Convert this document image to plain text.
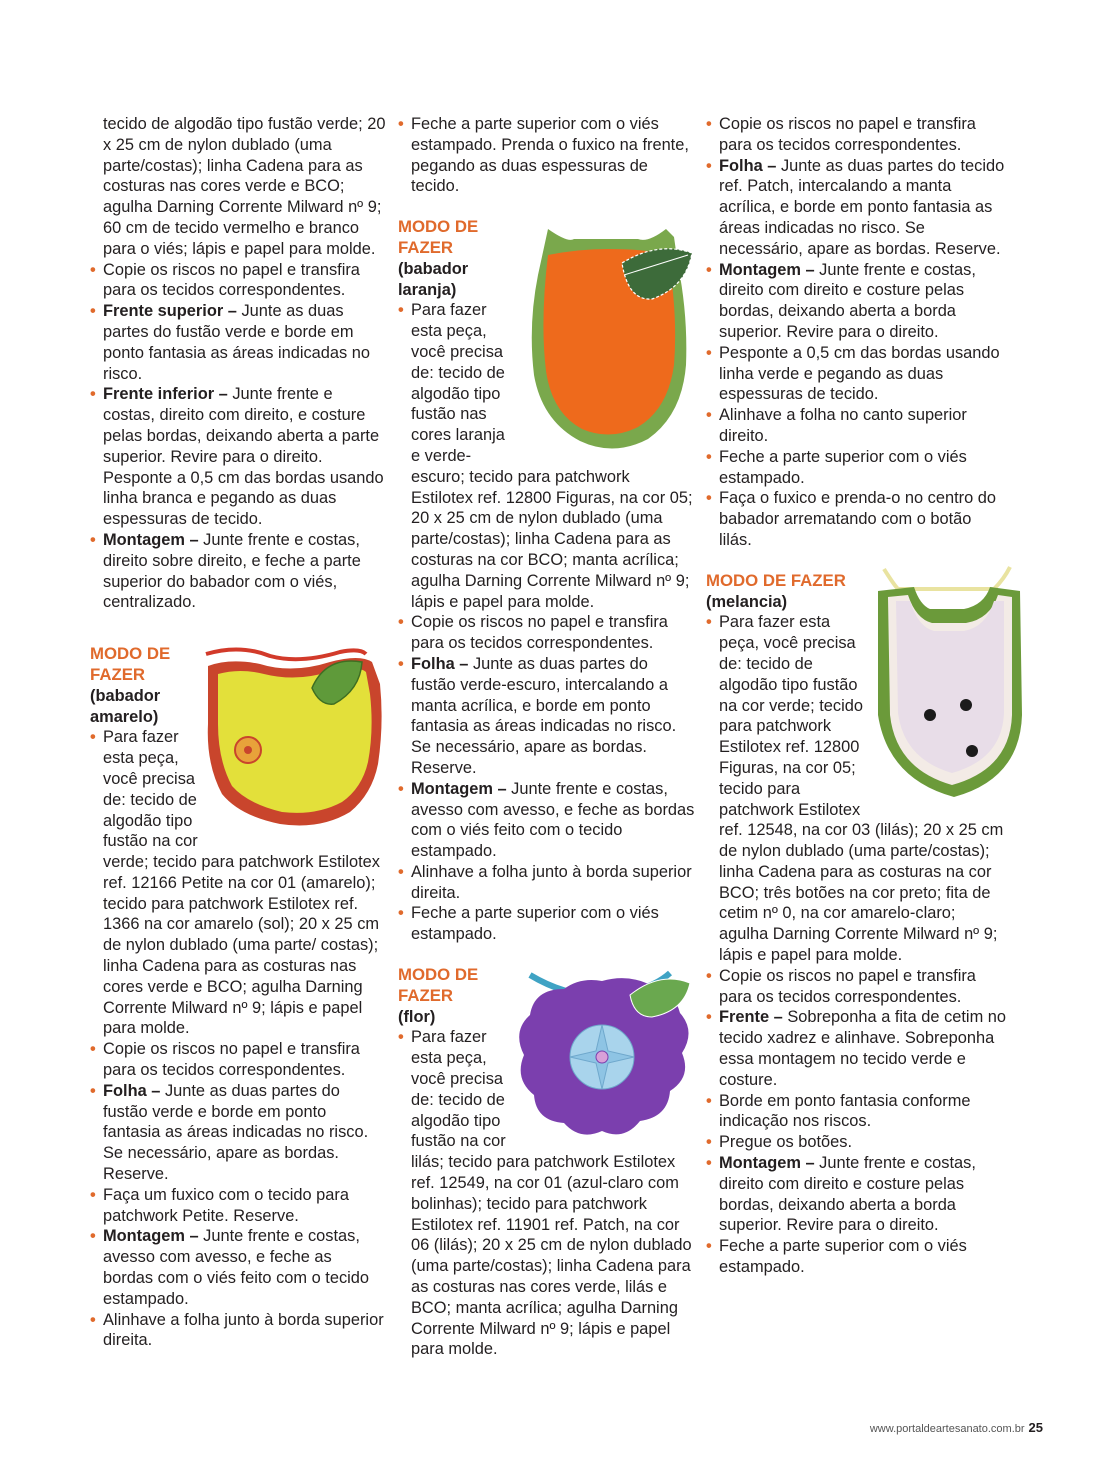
tecido de algodão tipo fustão verde; 20 x 25 cm de nylon dublado (uma parte/costas); linha Cadena para as costuras nas cores verde e BCO; agulha Darning Corrente Milward nº 9; 60 cm de tecido vermelho e branco para o viés; lápis e papel para molde.
• Copie os riscos no papel e transfira para os tecidos correspondentes.
• Frente superior – Junte as duas partes do fustão verde e borde em ponto fantasia as áreas indicadas no risco.
• Frente inferior – Junte frente e costas, direito com direito, e costure pelas bordas, deixando aberta a parte superior. Revire para o direito. Pesponte a 0,5 cm das bordas usando linha branca e pegando as duas espessuras de tecido.
• Montagem – Junte frente e costas, direito sobre direito, e feche a parte superior do babador com o viés, centralizado.
MODO DE FAZER
(babador amarelo)
• Para fazer esta peça, você precisa de: tecido de algodão tipo fustão na cor verde; tecido para patchwork Estilotex ref. 12166 Petite na cor 01 (amarelo); tecido para patchwork Estilotex ref. 1366 na cor amarelo (sol); 20 x 25 cm de nylon dublado (uma parte/ costas); linha Cadena para as costuras nas cores verde e BCO; agulha Darning Corrente Milward nº 9; lápis e papel para molde.
• Copie os riscos no papel e transfira para os tecidos correspondentes.
• Folha – Junte as duas partes do fustão verde e borde em ponto fantasia as áreas indicadas no risco. Se necessário, apare as bordas. Reserve.
• Faça um fuxico com o tecido para patchwork Petite. Reserve.
• Montagem – Junte frente e costas, avesso com avesso, e feche as bordas com o viés feito com o tecido estampado.
• Alinhave a folha junto à borda superior direita.
• Feche a parte superior com o viés estampado. Prenda o fuxico na frente, pegando as duas espessuras de tecido.
MODO DE FAZER
(babador laranja)
• Para fazer esta peça, você precisa de: tecido de algodão tipo fustão nas cores laranja e verde-escuro; tecido para patchwork Estilotex ref. 12800 Figuras, na cor 05; 20 x 25 cm de nylon dublado (uma parte/costas); linha Cadena para as costuras na cor BCO; manta acrílica; agulha Darning Corrente Milward nº 9; lápis e papel para molde.
• Copie os riscos no papel e transfira para os tecidos correspondentes.
• Folha – Junte as duas partes do fustão verde-escuro, intercalando a manta acrílica, e borde em ponto fantasia as áreas indicadas no risco. Se necessário, apare as bordas. Reserve.
• Montagem – Junte frente e costas, avesso com avesso, e feche as bordas com o viés feito com o tecido estampado.
• Alinhave a folha junto à borda superior direita.
• Feche a parte superior com o viés estampado.
MODO DE FAZER
(flor)
• Para fazer esta peça, você precisa de: tecido de algodão tipo fustão na cor lilás; tecido para patchwork Estilotex ref. 12549, na cor 01 (azul-claro com bolinhas); tecido para patchwork Estilotex ref. 11901 ref. Patch, na cor 06 (lilás); 20 x 25 cm de nylon dublado (uma parte/costas); linha Cadena para as costuras nas cores verde, lilás e BCO; manta acrílica; agulha Darning Corrente Milward nº 9; lápis e papel para molde.
• Copie os riscos no papel e transfira para os tecidos correspondentes.
• Folha – Junte as duas partes do tecido ref. Patch, intercalando a manta acrílica, e borde em ponto fantasia as áreas indicadas no risco. Se necessário, apare as bordas. Reserve.
• Montagem – Junte frente e costas, direito com direito e costure pelas bordas, deixando aberta a borda superior. Revire para o direito.
• Pesponte a 0,5 cm das bordas usando linha verde e pegando as duas espessuras de tecido.
• Alinhave a folha no canto superior direito.
• Feche a parte superior com o viés estampado.
• Faça o fuxico e prenda-o no centro do babador arrematando com o botão lilás.
MODO DE FAZER
(melancia)
• Para fazer esta peça, você precisa de: tecido de algodão tipo fustão na cor verde; tecido para patchwork Estilotex ref. 12800 Figuras, na cor 05; tecido para patchwork Estilotex ref. 12548, na cor 03 (lilás); 20 x 25 cm de nylon dublado (uma parte/costas); linha Cadena para as costuras na cor BCO; três botões na cor preto; fita de cetim nº 0, na cor amarelo-claro; agulha Darning Corrente Milward nº 9; lápis e papel para molde.
• Copie os riscos no papel e transfira para os tecidos correspondentes.
• Frente – Sobreponha a fita de cetim no tecido xadrez e alinhave. Sobreponha essa montagem no tecido verde e costure.
• Borde em ponto fantasia conforme indicação nos riscos.
• Pregue os botões.
• Montagem – Junte frente e costas, direito com direito e costure pelas bordas, deixando aberta a borda superior. Revire para o direito.
• Feche a parte superior com o viés estampado.
www.portaldeartesanato.com.br 25
